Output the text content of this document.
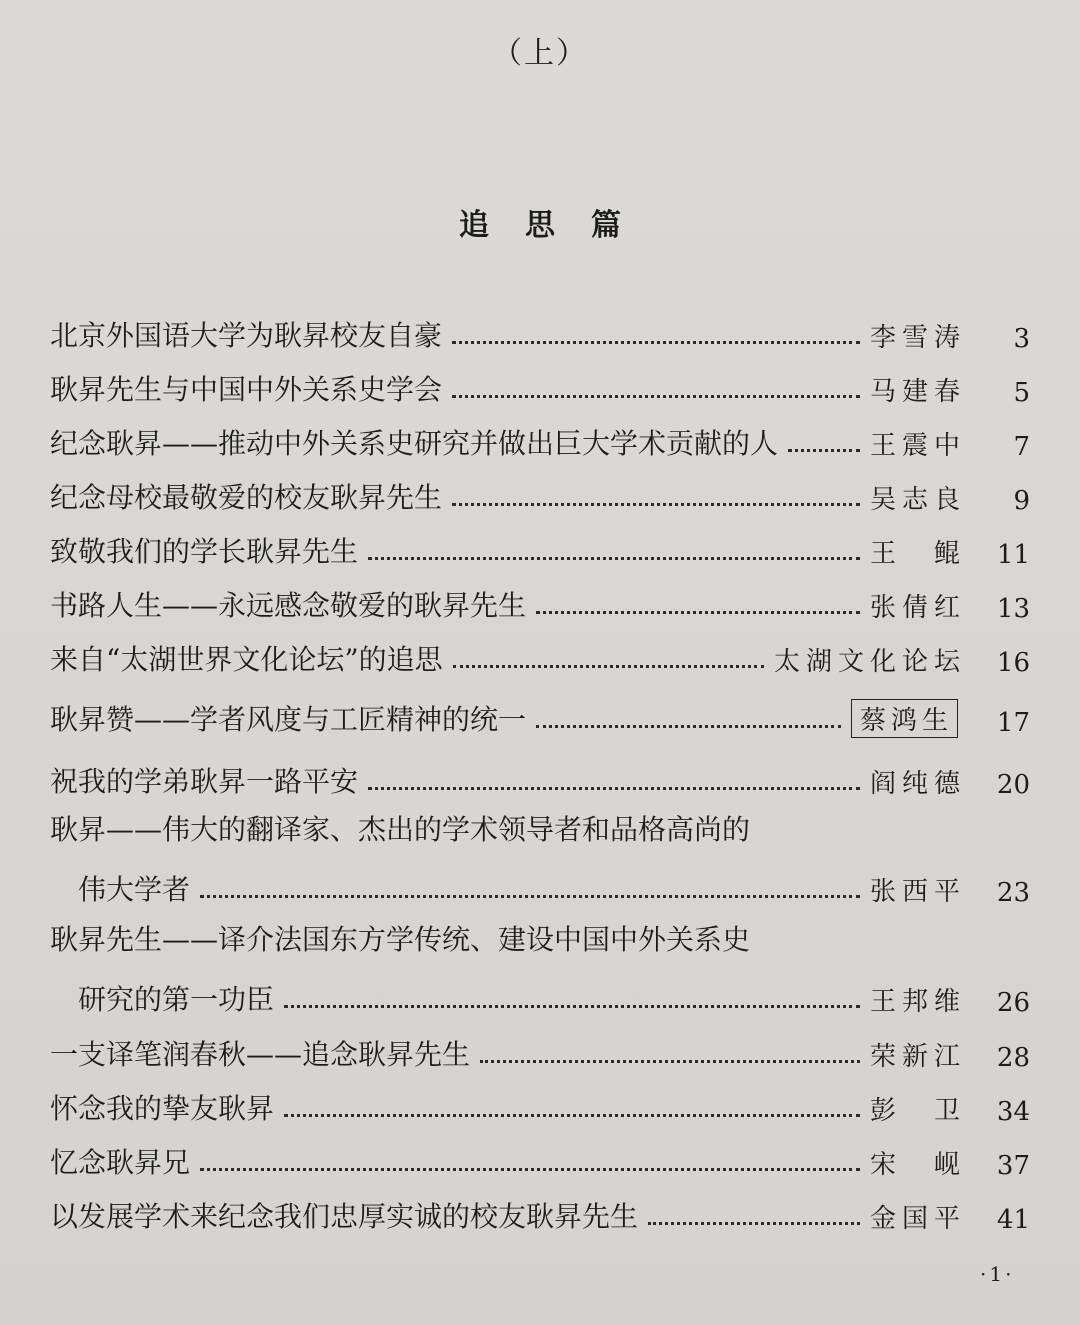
（上）
追思篇
北京外国语大学为耿昇校友自豪	李雪涛	3
耿昇先生与中国中外关系史学会	马建春	5
纪念耿昇——推动中外关系史研究并做出巨大学术贡献的人	王震中	7
纪念母校最敬爱的校友耿昇先生	吴志良	9
致敬我们的学长耿昇先生	王　鲲	11
书路人生——永远感念敬爱的耿昇先生	张倩红	13
来自“太湖世界文化论坛”的追思	太湖文化论坛	16
耿昇赞——学者风度与工匠精神的统一	蔡鸿生	17
祝我的学弟耿昇一路平安	阎纯德	20
耿昇——伟大的翻译家、杰出的学术领导者和品格高尚的
伟大学者	张西平	23
耿昇先生——译介法国东方学传统、建设中国中外关系史
研究的第一功臣	王邦维	26
一支译笔润春秋——追念耿昇先生	荣新江	28
怀念我的挚友耿昇	彭　卫	34
忆念耿昇兄	宋　岘	37
以发展学术来纪念我们忠厚实诚的校友耿昇先生	金国平	41
·1·
